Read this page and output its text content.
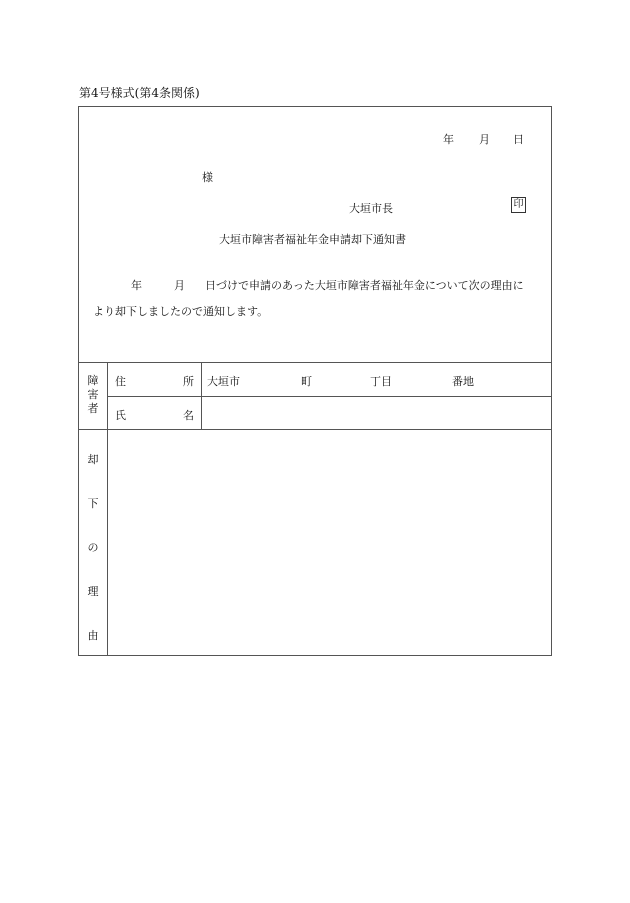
第4号様式(第4条関係)
年 月 日
様
大垣市長	印
大垣市障害者福祉年金申請却下通知書
年	月 日づけで申請のあった大垣市障害者福祉年金について次の理由に
より却下しましたので通知します。
障
害
者
住	所 大垣市	町	丁目	番地
氏	名
却
下
の
理
由
